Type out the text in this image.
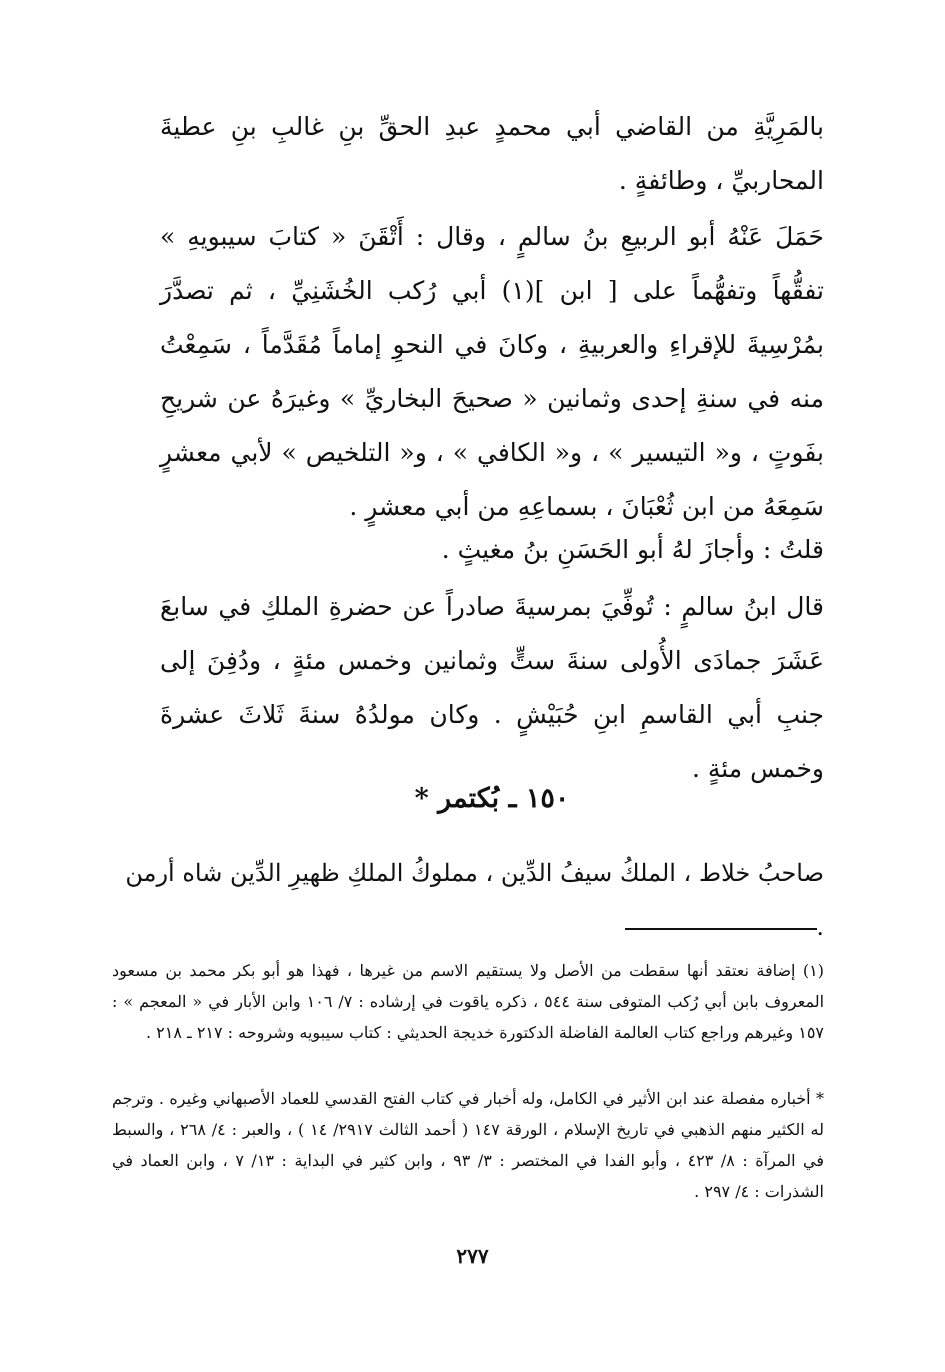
بالمَرِيَّةِ من القاضي أبي محمدٍ عبدِ الحقِّ بنِ غالبِ بنِ عطيةَ المحاربيِّ ، وطائفةٍ .

حَمَلَ عَنْهُ أبو الربيعِ بنُ سالمٍ ، وقال : أَتْقَنَ « كتابَ سيبويهِ » تفقُّهاً وتفهُّماً على [ ابن ](١) أبي رُكب الخُشَنِيِّ ، ثم تصدَّرَ بمُرْسِيةَ للإقراءِ والعربيةِ ، وكانَ في النحوِ إماماً مُقَدَّماً ، سَمِعْتُ منه في سنةِ إحدى وثمانين « صحيحَ البخاريِّ » وغيرَهُ عن شريحِ بفَوتٍ ، و« التيسير » ، و« الكافي » ، و« التلخيص » لأبي معشرٍ سَمِعَهُ من ابن ثُعْبَانَ ، بسماعِهِ من أبي معشرٍ .

قلتُ : وأجازَ لهُ أبو الحَسَنِ بنُ مغيثٍ .

قال ابنُ سالمٍ : تُوفِّيَ بمرسيةَ صادراً عن حضرةِ الملكِ في سابعَ عَشَرَ جمادَى الأُولى سنةَ ستٍّ وثمانين وخمس مئةٍ ، ودُفِنَ إلى جنبِ أبي القاسمِ ابنِ حُبَيْشٍ . وكان مولدُهُ سنةَ ثَلاثَ عشرةَ وخمس مئةٍ .

١٥٠ ـ بُكتمر *
صاحبُ خلاط ، الملكُ سيفُ الدِّين ، مملوكُ الملكِ ظهيرِ الدِّين شاه أرمن .

(١) إضافة نعتقد أنها سقطت من الأصل ولا يستقيم الاسم من غيرها ، فهذا هو أبو بكر محمد بن مسعود المعروف بابن أبي رُكب المتوفى سنة ٥٤٤ ، ذكره ياقوت في إرشاده : ٧/ ١٠٦ وابن الأبار في « المعجم » : ١٥٧ وغيرهم وراجع كتاب العالمة الفاضلة الدكتورة خديجة الحديثي : كتاب سيبويه وشروحه : ٢١٧ ـ ٢١٨ .

* أخباره مفصلة عند ابن الأثير في الكامل، وله أخبار في كتاب الفتح القدسي للعماد الأصبهاني وغيره . وترجم له الكثير منهم الذهبي في تاريخ الإسلام ، الورقة ١٤٧ ( أحمد الثالث ٢٩١٧/ ١٤ ) ، والعبر : ٤/ ٢٦٨ ، والسبط في المرآة : ٨/ ٤٢٣ ، وأبو الفدا في المختصر : ٣/ ٩٣ ، وابن كثير في البداية : ١٣/ ٧ ، وابن العماد في الشذرات : ٤/ ٢٩٧ .

٢٧٧
